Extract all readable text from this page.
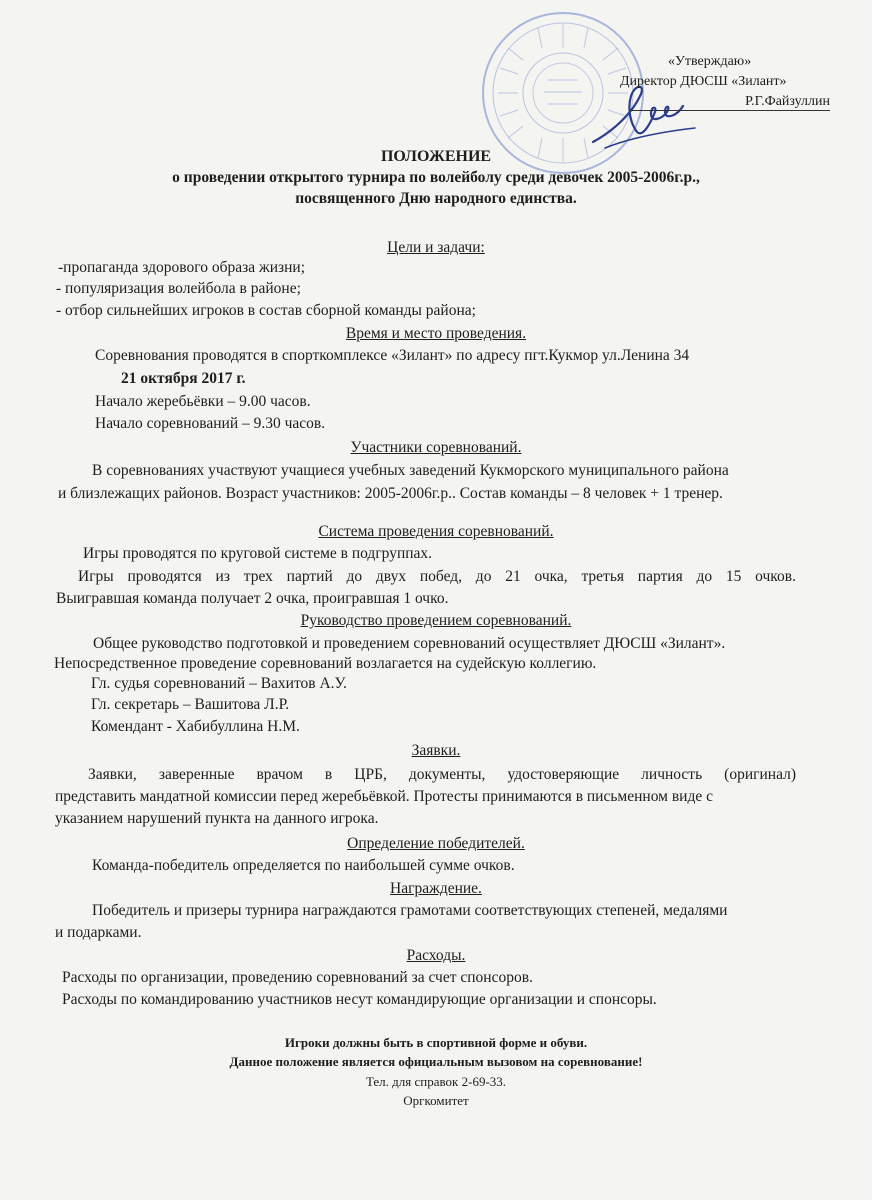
«Утверждаю»
Директор ДЮСШ «Зилант»
Р.Г.Файзуллин
ПОЛОЖЕНИЕ
о проведении открытого турнира по волейболу среди девочек 2005-2006г.р.,
посвященного Дню народного единства.
Цели и задачи:
-пропаганда здорового образа жизни;
- популяризация волейбола в районе;
- отбор сильнейших игроков в состав сборной команды района;
Время и место проведения.
Соревнования проводятся в спорткомплексе «Зилант» по адресу пгт.Кукмор ул.Ленина 34
21 октября 2017 г.
Начало жеребьёвки – 9.00 часов.
Начало соревнований – 9.30 часов.
Участники соревнований.
В соревнованиях участвуют учащиеся учебных заведений Кукморского муниципального района
и близлежащих районов. Возраст участников: 2005-2006г.р.. Состав команды – 8 человек + 1 тренер.
Система проведения соревнований.
Игры проводятся по круговой системе в подгруппах.
Игры проводятся из трех партий до двух побед, до 21 очка, третья партия до 15 очков.
Выигравшая команда получает 2 очка, проигравшая 1 очко.
Руководство проведением соревнований.
Общее руководство подготовкой и проведением соревнований осуществляет ДЮСШ «Зилант».
Непосредственное проведение соревнований возлагается на судейскую коллегию.
Гл. судья соревнований – Вахитов А.У.
Гл. секретарь – Вашитова Л.Р.
Комендант - Хабибуллина Н.М.
Заявки.
Заявки, заверенные врачом в ЦРБ, документы, удостоверяющие личность (оригинал)
представить мандатной комиссии перед жеребьёвкой. Протесты принимаются в письменном виде с
указанием нарушений пункта на данного игрока.
Определение победителей.
Команда-победитель определяется по наибольшей сумме очков.
Награждение.
Победитель и призеры турнира награждаются грамотами соответствующих степеней, медалями
и подарками.
Расходы.
Расходы по организации, проведению соревнований за счет спонсоров.
Расходы по командированию участников несут командирующие организации и спонсоры.
Игроки должны быть в спортивной форме и обуви.
Данное положение является официальным вызовом на соревнование!
Тел. для справок 2-69-33.
Оргкомитет
